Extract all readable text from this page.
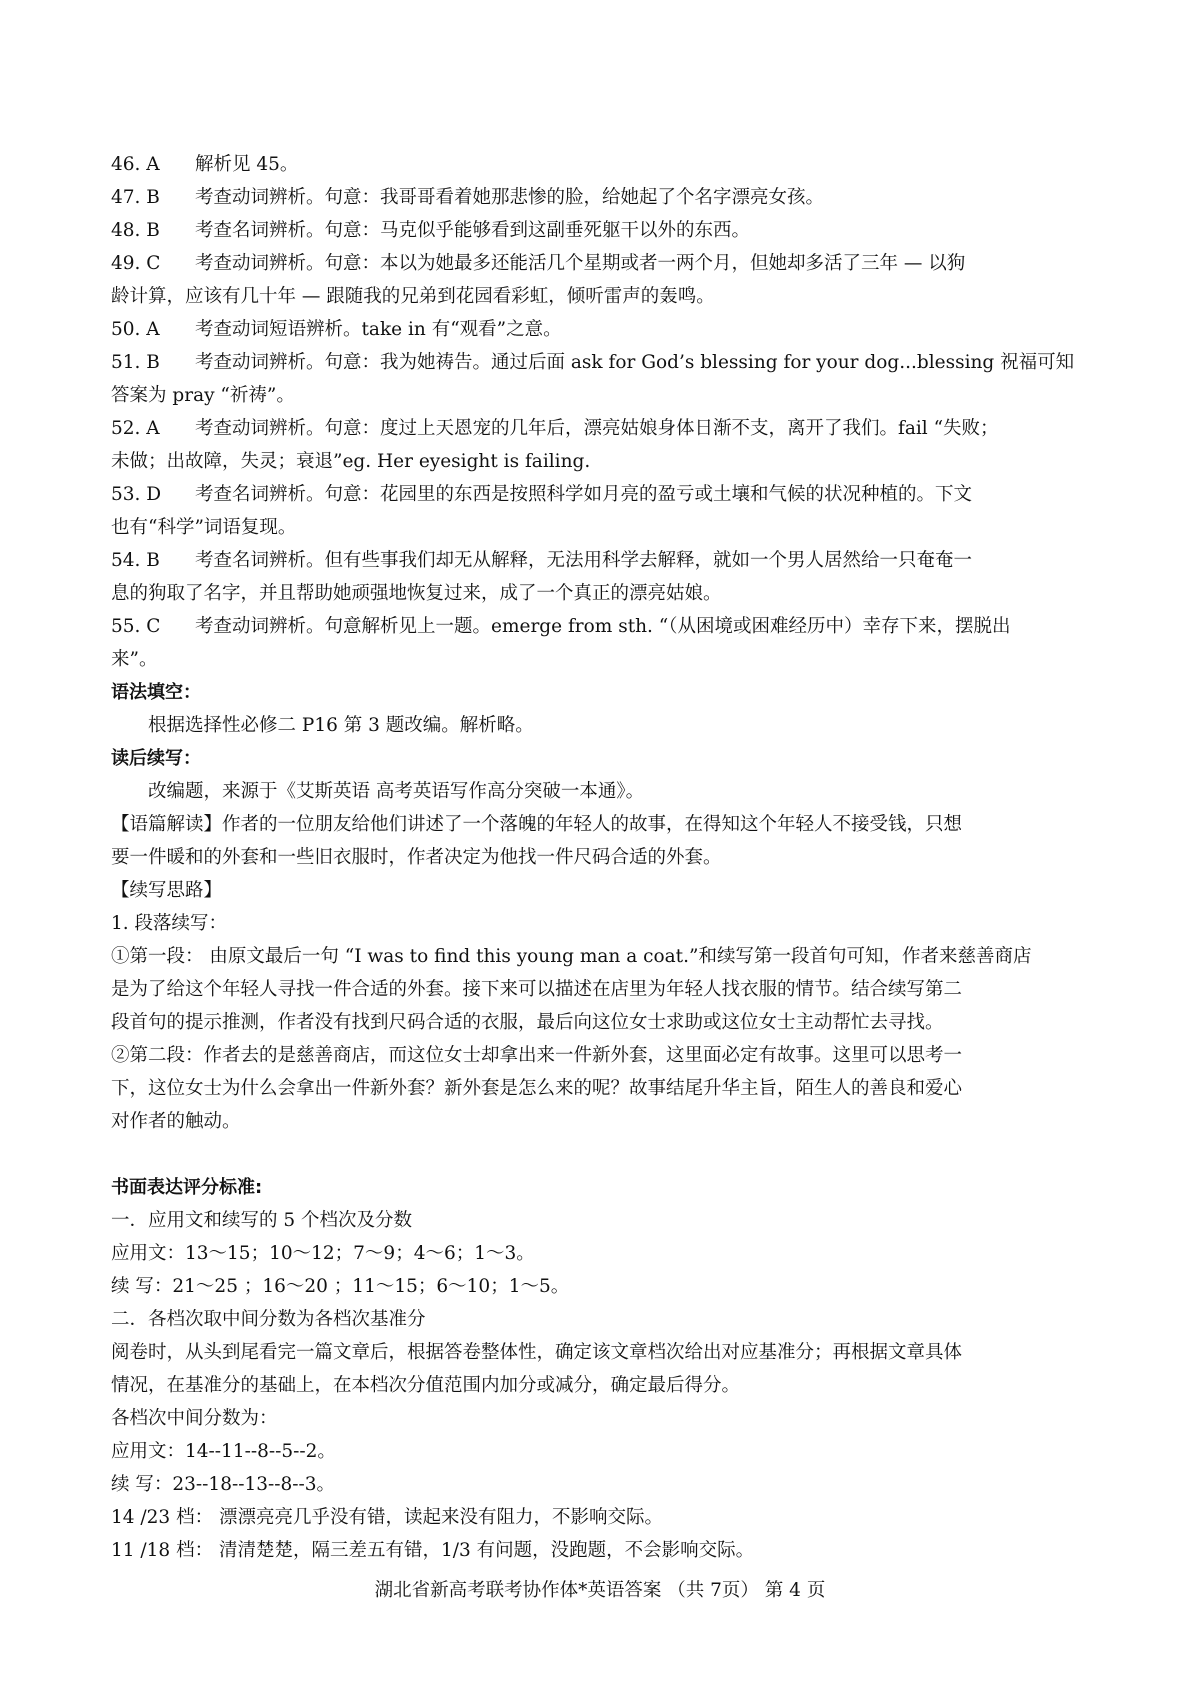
46. A 解析见 45。
47. B 考查动词辨析。句意：我哥哥看着她那悲惨的脸，给她起了个名字漂亮女孩。
48. B 考查名词辨析。句意：马克似乎能够看到这副垂死躯干以外的东西。
49. C 考查动词辨析。句意：本以为她最多还能活几个星期或者一两个月，但她却多活了三年 — 以狗
龄计算，应该有几十年 — 跟随我的兄弟到花园看彩虹，倾听雷声的轰鸣。
50. A 考查动词短语辨析。take in 有“观看”之意。
51. B 考查动词辨析。句意：我为她祷告。通过后面 ask for God’s blessing for your dog...blessing 祝福可知
答案为 pray “祈祷”。
52. A 考查动词辨析。句意：度过上天恩宠的几年后，漂亮姑娘身体日渐不支，离开了我们。fail “失败；
未做；出故障，失灵；衰退”eg. Her eyesight is failing.
53. D 考查名词辨析。句意：花园里的东西是按照科学如月亮的盈亏或土壤和气候的状况种植的。下文
也有“科学”词语复现。
54. B 考查名词辨析。但有些事我们却无从解释，无法用科学去解释，就如一个男人居然给一只奄奄一
息的狗取了名字，并且帮助她顽强地恢复过来，成了一个真正的漂亮姑娘。
55. C 考查动词辨析。句意解析见上一题。emerge from sth. “（从困境或困难经历中）幸存下来，摆脱出
来”。
语法填空：
根据选择性必修二 P16 第 3 题改编。解析略。
读后续写：
改编题，来源于《艾斯英语 高考英语写作高分突破一本通》。
【语篇解读】作者的一位朋友给他们讲述了一个落魄的年轻人的故事，在得知这个年轻人不接受钱，只想
要一件暖和的外套和一些旧衣服时，作者决定为他找一件尺码合适的外套。
【续写思路】
1. 段落续写：
①第一段： 由原文最后一句 “I was to find this young man a coat.”和续写第一段首句可知，作者来慈善商店
是为了给这个年轻人寻找一件合适的外套。接下来可以描述在店里为年轻人找衣服的情节。结合续写第二
段首句的提示推测，作者没有找到尺码合适的衣服，最后向这位女士求助或这位女士主动帮忙去寻找。
②第二段：作者去的是慈善商店，而这位女士却拿出来一件新外套，这里面必定有故事。这里可以思考一
下，这位女士为什么会拿出一件新外套？新外套是怎么来的呢？故事结尾升华主旨，陌生人的善良和爱心
对作者的触动。
书面表达评分标准:
一．应用文和续写的 5 个档次及分数
应用文：13～15；10～12；7～9；4～6；1～3。
续 写：21～25 ；16～20 ；11～15；6～10；1～5。
二．各档次取中间分数为各档次基准分
阅卷时，从头到尾看完一篇文章后，根据答卷整体性，确定该文章档次给出对应基准分；再根据文章具体
情况，在基准分的基础上，在本档次分值范围内加分或减分，确定最后得分。
各档次中间分数为：
应用文：14--11--8--5--2。
续 写：23--18--13--8--3。
14 /23 档： 漂漂亮亮几乎没有错，读起来没有阻力，不影响交际。
11 /18 档： 清清楚楚，隔三差五有错，1/3 有问题，没跑题，不会影响交际。
湖北省新高考联考协作体*英语答案 （共 7页） 第 4 页
